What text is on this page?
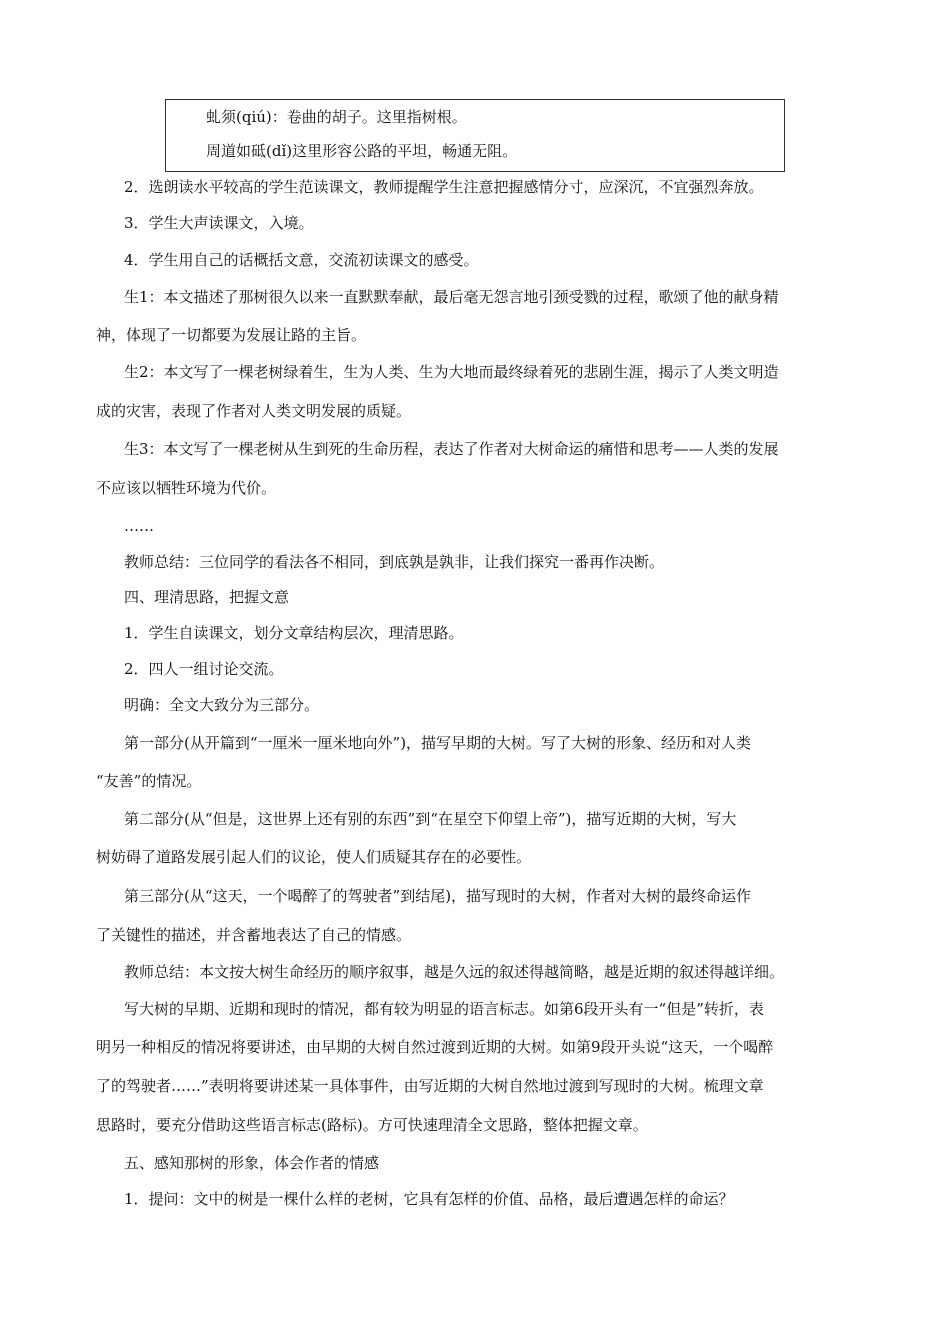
虬须(qiú)：卷曲的胡子。这里指树根。
周道如砥(dǐ)这里形容公路的平坦，畅通无阻。
2．选朗读水平较高的学生范读课文，教师提醒学生注意把握感情分寸，应深沉，不宜强烈奔放。
3．学生大声读课文，入境。
4．学生用自己的话概括文意，交流初读课文的感受。
生1：本文描述了那树很久以来一直默默奉献，最后毫无怨言地引颈受戮的过程，歌颂了他的献身精
神，体现了一切都要为发展让路的主旨。
生2：本文写了一棵老树绿着生，生为人类、生为大地而最终绿着死的悲剧生涯，揭示了人类文明造
成的灾害，表现了作者对人类文明发展的质疑。
生3：本文写了一棵老树从生到死的生命历程，表达了作者对大树命运的痛惜和思考——人类的发展
不应该以牺牲环境为代价。
……
教师总结：三位同学的看法各不相同，到底孰是孰非，让我们探究一番再作决断。
四、理清思路，把握文意
1．学生自读课文，划分文章结构层次，理清思路。
2．四人一组讨论交流。
明确：全文大致分为三部分。
第一部分(从开篇到“一厘米一厘米地向外”)，描写早期的大树。写了大树的形象、经历和对人类
“友善”的情况。
第二部分(从“但是，这世界上还有别的东西”到“在星空下仰望上帝”)，描写近期的大树，写大
树妨碍了道路发展引起人们的议论，使人们质疑其存在的必要性。
第三部分(从“这天，一个喝醉了的驾驶者”到结尾)，描写现时的大树，作者对大树的最终命运作
了关键性的描述，并含蓄地表达了自己的情感。
教师总结：本文按大树生命经历的顺序叙事，越是久远的叙述得越简略，越是近期的叙述得越详细。
写大树的早期、近期和现时的情况，都有较为明显的语言标志。如第6段开头有一“但是”转折，表
明另一种相反的情况将要讲述，由早期的大树自然过渡到近期的大树。如第9段开头说“这天，一个喝醉
了的驾驶者……”表明将要讲述某一具体事件，由写近期的大树自然地过渡到写现时的大树。梳理文章
思路时，要充分借助这些语言标志(路标)。方可快速理清全文思路，整体把握文章。
五、感知那树的形象，体会作者的情感
1．提问：文中的树是一棵什么样的老树，它具有怎样的价值、品格，最后遭遇怎样的命运？
